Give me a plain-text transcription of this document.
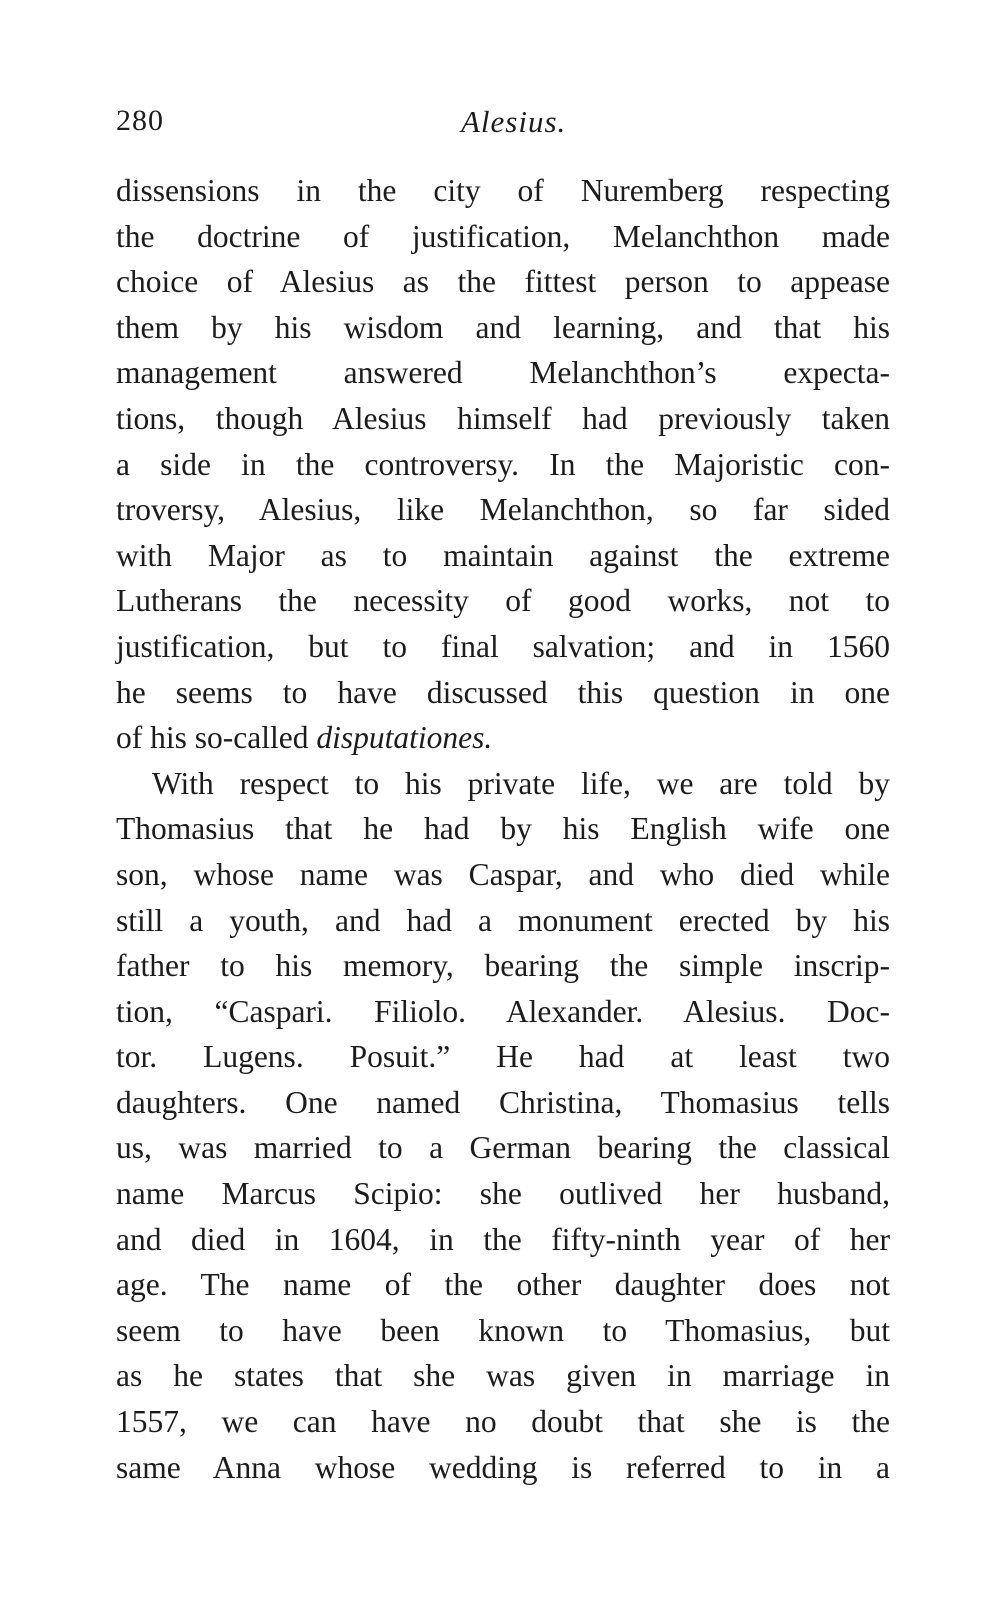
280	Alesius.
dissensions in the city of Nuremberg respecting
the doctrine of justification, Melanchthon made
choice of Alesius as the fittest person to appease
them by his wisdom and learning, and that his
management answered Melanchthon’s expecta-
tions, though Alesius himself had previously taken
a side in the controversy. In the Majoristic con-
troversy, Alesius, like Melanchthon, so far sided
with Major as to maintain against the extreme
Lutherans the necessity of good works, not to
justification, but to final salvation; and in 1560
he seems to have discussed this question in one
of his so-called disputationes.
With respect to his private life, we are told by
Thomasius that he had by his English wife one
son, whose name was Caspar, and who died while
still a youth, and had a monument erected by his
father to his memory, bearing the simple inscrip-
tion, “Caspari. Filiolo. Alexander. Alesius. Doc-
tor. Lugens. Posuit.” He had at least two
daughters. One named Christina, Thomasius tells
us, was married to a German bearing the classical
name Marcus Scipio: she outlived her husband,
and died in 1604, in the fifty-ninth year of her
age. The name of the other daughter does not
seem to have been known to Thomasius, but
as he states that she was given in marriage in
1557, we can have no doubt that she is the
same Anna whose wedding is referred to in a
